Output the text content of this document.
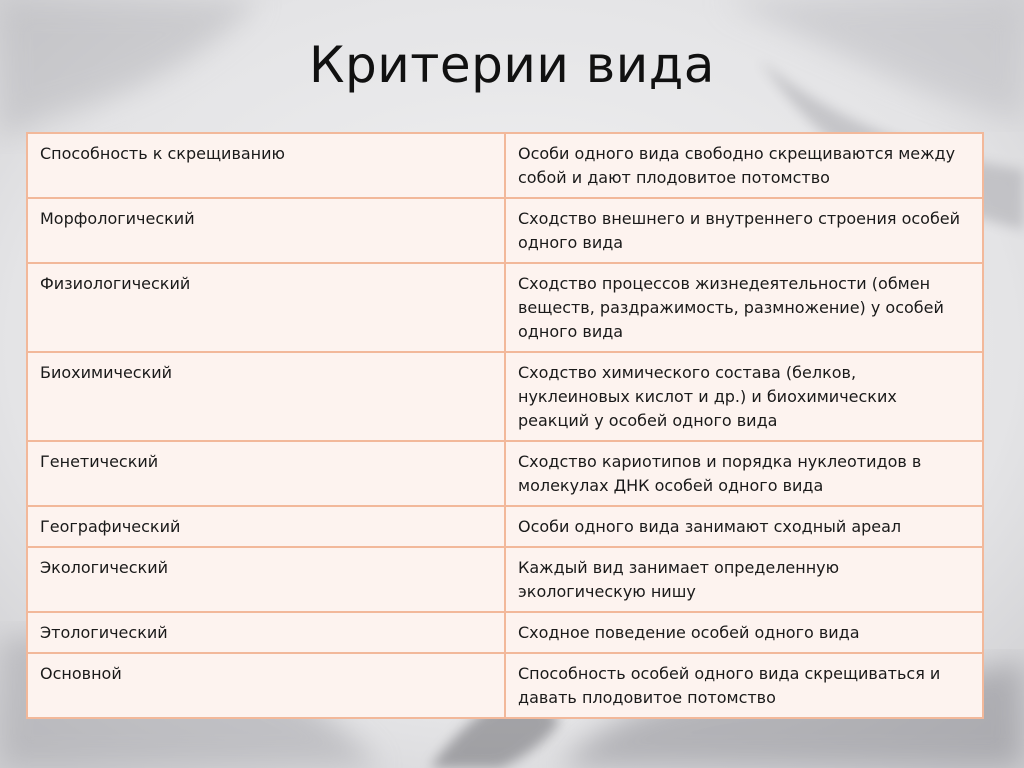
Критерии вида
Способность к скрещиванию	Особи одного вида свободно скрещиваются между собой и дают плодовитое потомство
Морфологический	Сходство внешнего и внутреннего строения особей одного вида
Физиологический	Сходство процессов жизнедеятельности (обмен веществ, раздражимость, размножение) у особей одного вида
Биохимический	Сходство химического состава (белков, нуклеиновых кислот и др.) и биохимических реакций у особей одного вида
Генетический	Сходство кариотипов и порядка нуклеотидов в молекулах ДНК особей одного вида
Географический	Особи одного вида занимают сходный ареал
Экологический	Каждый вид занимает определенную экологическую нишу
Этологический	Сходное поведение особей одного вида
Основной	Способность особей одного вида скрещиваться и давать плодовитое потомство
